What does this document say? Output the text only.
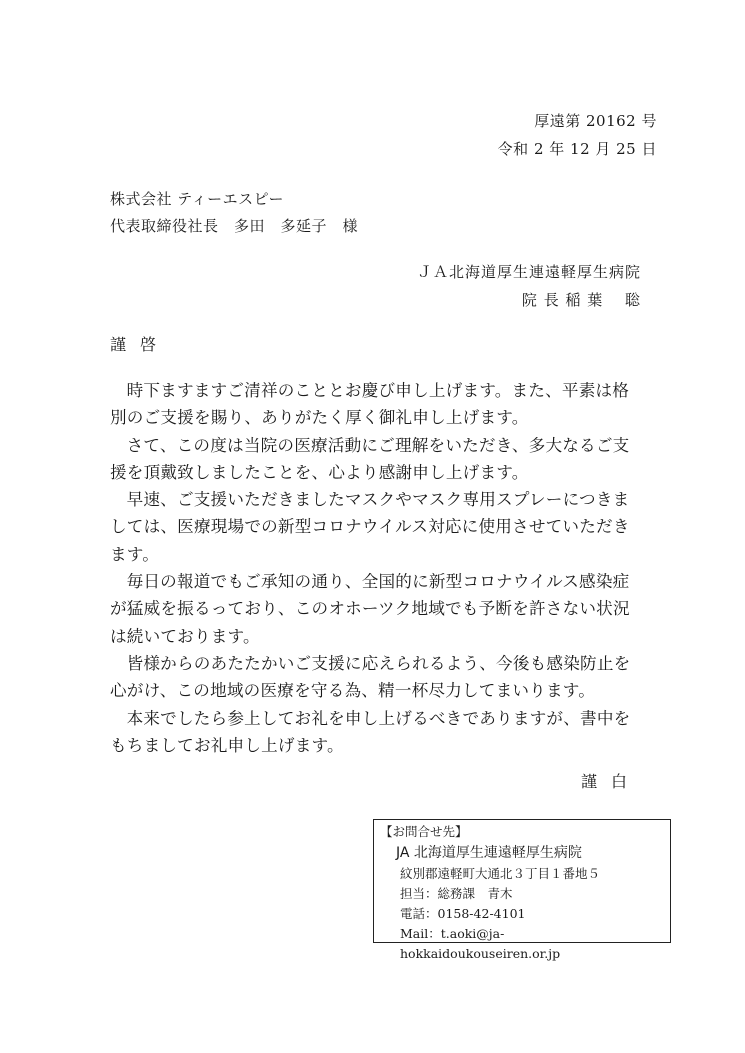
厚遠第 20162 号
令和 2 年 12 月 25 日
株式会社 ティーエスピー
代表取締役社長　多田　多延子　様
ＪＡ北海道厚生連遠軽厚生病院
院 長 稲 葉　 聡
謹啓

時下ますますご清祥のこととお慶び申し上げます。また、平素は格別のご支援を賜り、ありがたく厚く御礼申し上げます。

さて、この度は当院の医療活動にご理解をいただき、多大なるご支援を頂戴致しましたことを、心より感謝申し上げます。

早速、ご支援いただきましたマスクやマスク専用スプレーにつきましては、医療現場での新型コロナウイルス対応に使用させていただきます。

毎日の報道でもご承知の通り、全国的に新型コロナウイルス感染症が猛威を振るっており、このオホーツク地域でも予断を許さない状況は続いております。

皆様からのあたたかいご支援に応えられるよう、今後も感染防止を心がけ、この地域の医療を守る為、精一杯尽力してまいります。

本来でしたら参上してお礼を申し上げるべきでありますが、書中をもちましてお礼申し上げます。

謹白
【お問合せ先】
JA 北海道厚生連遠軽厚生病院
紋別郡遠軽町大通北３丁目１番地５
担当：総務課　青木
電話：0158-42-4101
Mail：t.aoki@ja-hokkaidoukouseiren.or.jp
